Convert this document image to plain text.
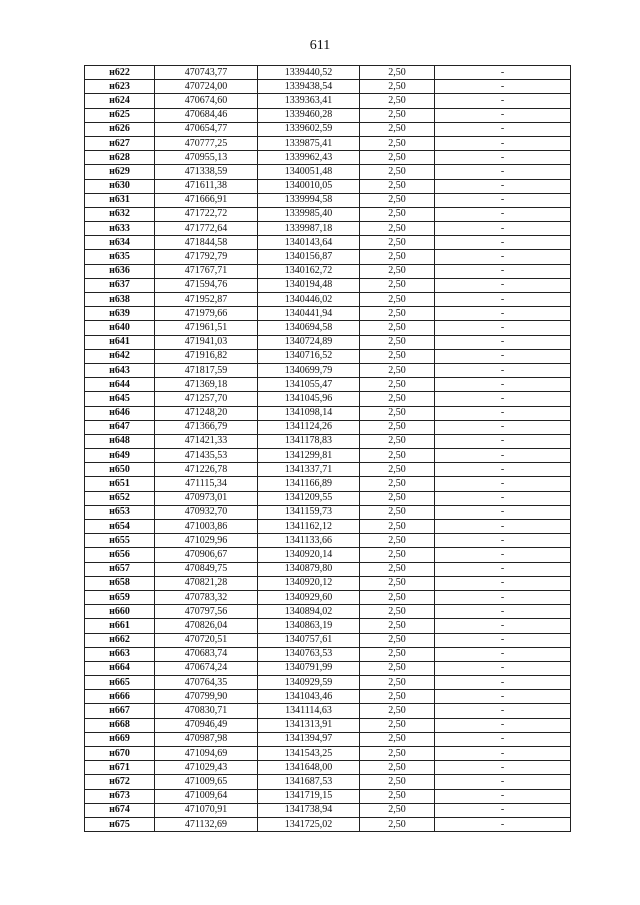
611
н622	470743,77	1339440,52	2,50	-
н623	470724,00	1339438,54	2,50	-
н624	470674,60	1339363,41	2,50	-
н625	470684,46	1339460,28	2,50	-
н626	470654,77	1339602,59	2,50	-
н627	470777,25	1339875,41	2,50	-
н628	470955,13	1339962,43	2,50	-
н629	471338,59	1340051,48	2,50	-
н630	471611,38	1340010,05	2,50	-
н631	471666,91	1339994,58	2,50	-
н632	471722,72	1339985,40	2,50	-
н633	471772,64	1339987,18	2,50	-
н634	471844,58	1340143,64	2,50	-
н635	471792,79	1340156,87	2,50	-
н636	471767,71	1340162,72	2,50	-
н637	471594,76	1340194,48	2,50	-
н638	471952,87	1340446,02	2,50	-
н639	471979,66	1340441,94	2,50	-
н640	471961,51	1340694,58	2,50	-
н641	471941,03	1340724,89	2,50	-
н642	471916,82	1340716,52	2,50	-
н643	471817,59	1340699,79	2,50	-
н644	471369,18	1341055,47	2,50	-
н645	471257,70	1341045,96	2,50	-
н646	471248,20	1341098,14	2,50	-
н647	471366,79	1341124,26	2,50	-
н648	471421,33	1341178,83	2,50	-
н649	471435,53	1341299,81	2,50	-
н650	471226,78	1341337,71	2,50	-
н651	471115,34	1341166,89	2,50	-
н652	470973,01	1341209,55	2,50	-
н653	470932,70	1341159,73	2,50	-
н654	471003,86	1341162,12	2,50	-
н655	471029,96	1341133,66	2,50	-
н656	470906,67	1340920,14	2,50	-
н657	470849,75	1340879,80	2,50	-
н658	470821,28	1340920,12	2,50	-
н659	470783,32	1340929,60	2,50	-
н660	470797,56	1340894,02	2,50	-
н661	470826,04	1340863,19	2,50	-
н662	470720,51	1340757,61	2,50	-
н663	470683,74	1340763,53	2,50	-
н664	470674,24	1340791,99	2,50	-
н665	470764,35	1340929,59	2,50	-
н666	470799,90	1341043,46	2,50	-
н667	470830,71	1341114,63	2,50	-
н668	470946,49	1341313,91	2,50	-
н669	470987,98	1341394,97	2,50	-
н670	471094,69	1341543,25	2,50	-
н671	471029,43	1341648,00	2,50	-
н672	471009,65	1341687,53	2,50	-
н673	471009,64	1341719,15	2,50	-
н674	471070,91	1341738,94	2,50	-
н675	471132,69	1341725,02	2,50	-
